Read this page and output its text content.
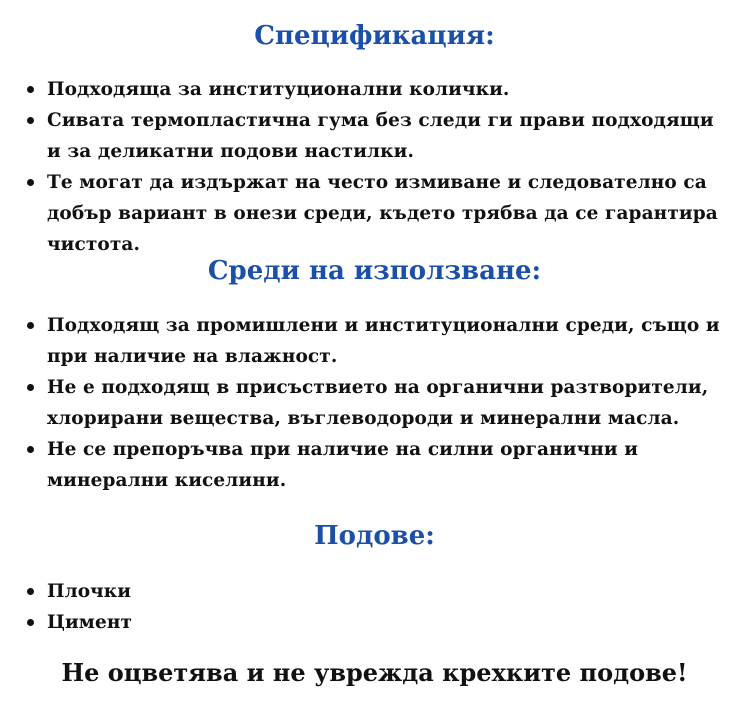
Спецификация:
Подходяща за институционални колички.
Сивата термопластична гума без следи ги прави подходящи и за деликатни подови настилки.
Те могат да издържат на често измиване и следователно са добър вариант в онези среди, където трябва да се гарантира чистота.
Среди на използване:
Подходящ за промишлени и институционални среди, също и при наличие на влажност.
Не е подходящ в присъствието на органични разтворители, хлорирани вещества, въглеводороди и минерални масла.
Не се препоръчва при наличие на силни органични и минерални киселини.
Подове:
Плочки
Цимент

Не оцветява и не уврежда крехките подове!
